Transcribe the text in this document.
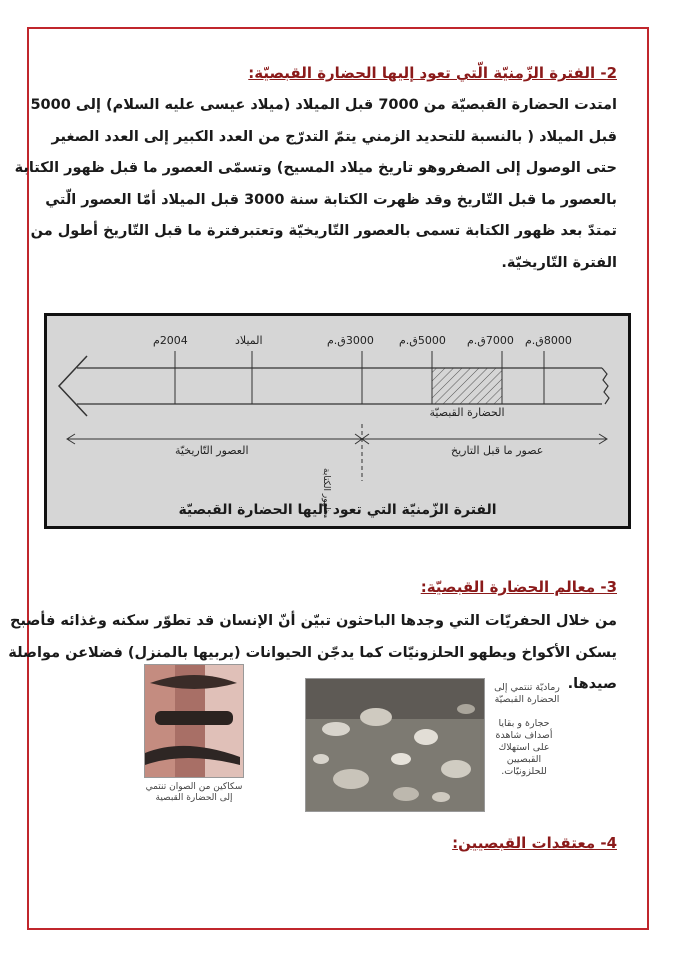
2- الفترة الزّمنيّة الّتي تعود إليها الحضارة القبصيّة:
امتدت الحضارة القبصيّة من 7000 قبل الميلاد (ميلاد عيسى عليه السلام) إلى 5000
قبل الميلاد ( بالنسبة للتحديد الزمني يتمّ التدرّج من العدد الكبير إلى العدد الصغير
حتى الوصول إلى الصفروهو تاريخ ميلاد المسيح) وتسمّى العصور ما قبل ظهور الكتابة
بالعصور ما قبل التّاريخ وقد ظهرت الكتابة سنة 3000 قبل الميلاد أمّا العصور الّتي
تمتدّ بعد ظهور الكتابة تسمى بالعصور التّاريخيّة وتعتبرفترة ما قبل التّاريخ أطول من
الفترة التّاريخيّة.
8000ق.م
7000ق.م
5000ق.م
3000ق.م
الميلاد
2004م
الحضارة القبصيّة
عصور ما قبل التاريخ
العصور التّاريخيّة
ظهور الكتابة
الفترة الزّمنيّة التي تعود إليها الحضارة القبصيّة
3- معالم الحضارة القبصيّة:
من خلال الحفريّات التي وجدها الباحثون تبيّن أنّ الإنسان قد تطوّر سكنه وغذائه فأصبح
يسكن الأكواخ ويطهو الحلزونيّات كما يدجّن الحيوانات (يربيها بالمنزل) فضلاعن مواصلة
صيدها.
سكاكين من الصوان تنتمي إلى الحضارة القبصية
رماديّة تنتمي إلى الحضارة القبصيّة
حجارة و بقايا أصداف شاهدة على استهلاك القبصيين للحلزونيّات.
4- معتقدات القبصيين:
